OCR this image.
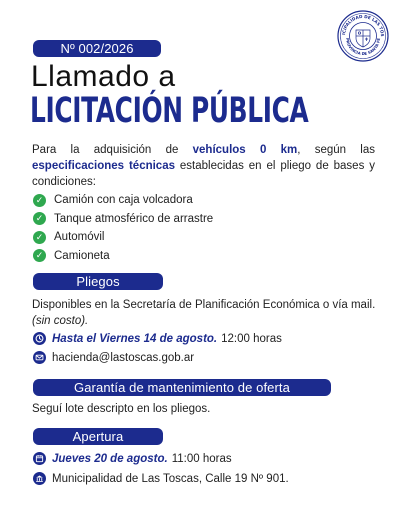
Nº 002/2026
ICIPALIDAD DE LAS TOS
PROVINCIA DE SANTA FE
Llamado a
LICITACIÓN PÚBLICA
Para la adquisición de vehículos 0 km, según las especificaciones técnicas establecidas en el pliego de bases y condiciones:
✓ Camión con caja volcadora
✓ Tanque atmosférico de arrastre
✓ Automóvil
✓ Camioneta
Pliegos
Disponibles en la Secretaría de Planificación Económica o vía mail. (sin costo).
Hasta el Viernes 14 de agosto. 12:00 horas
hacienda@lastoscas.gob.ar
Garantía de mantenimiento de oferta
Seguí lote descripto en los pliegos.
Apertura
Jueves 20 de agosto. 11:00 horas
Municipalidad de Las Toscas, Calle 19 Nº 901.
